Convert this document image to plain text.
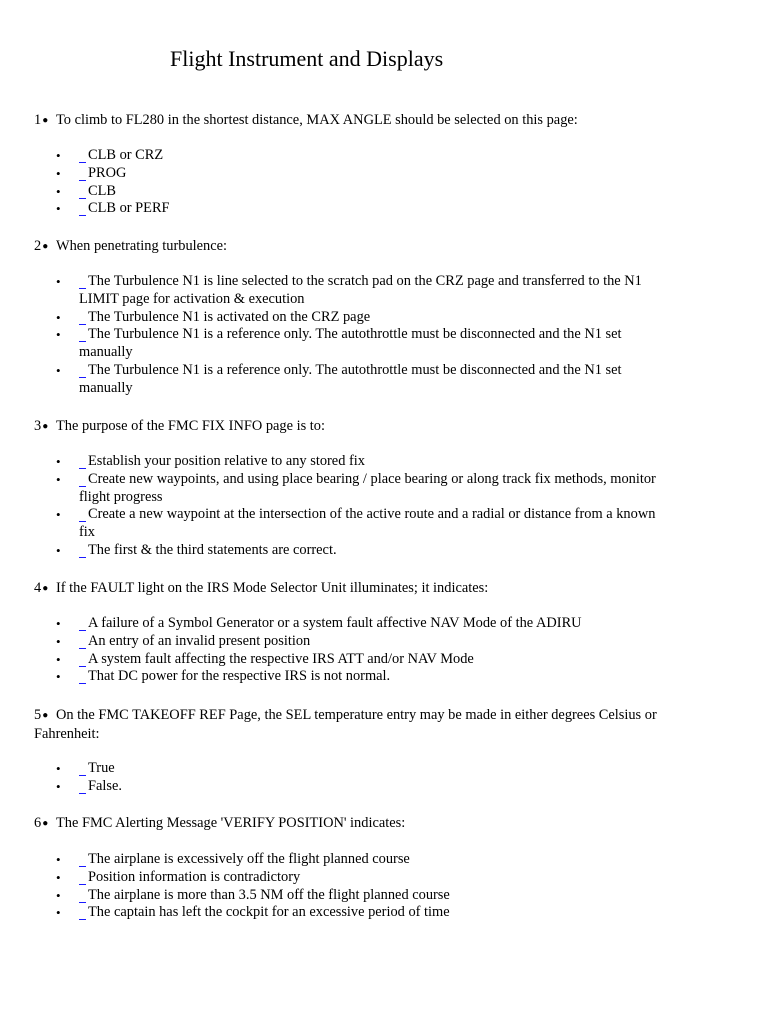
Flight Instrument and Displays
1● To climb to FL280 in the shortest distance, MAX ANGLE should be selected on this page:
• CLB or CRZ
• PROG
• CLB
• CLB or PERF
2● When penetrating turbulence:
• The Turbulence N1 is line selected to the scratch pad on the CRZ page and transferred to the N1 LIMIT page for activation & execution
• The Turbulence N1 is activated on the CRZ page
• The Turbulence N1 is a reference only. The autothrottle must be disconnected and the N1 set manually
• The Turbulence N1 is a reference only. The autothrottle must be disconnected and the N1 set manually
3● The purpose of the FMC FIX INFO page is to:
• Establish your position relative to any stored fix
• Create new waypoints, and using place bearing / place bearing or along track fix methods, monitor flight progress
• Create a new waypoint at the intersection of the active route and a radial or distance from a known fix
• The first & the third statements are correct.
4● If the FAULT light on the IRS Mode Selector Unit illuminates; it indicates:
• A failure of a Symbol Generator or a system fault affective NAV Mode of the ADIRU
• An entry of an invalid present position
• A system fault affecting the respective IRS ATT and/or NAV Mode
• That DC power for the respective IRS is not normal.
5● On the FMC TAKEOFF REF Page, the SEL temperature entry may be made in either degrees Celsius or Fahrenheit:
• True
• False.
6● The FMC Alerting Message 'VERIFY POSITION' indicates:
• The airplane is excessively off the flight planned course
• Position information is contradictory
• The airplane is more than 3.5 NM off the flight planned course
• The captain has left the cockpit for an excessive period of time
